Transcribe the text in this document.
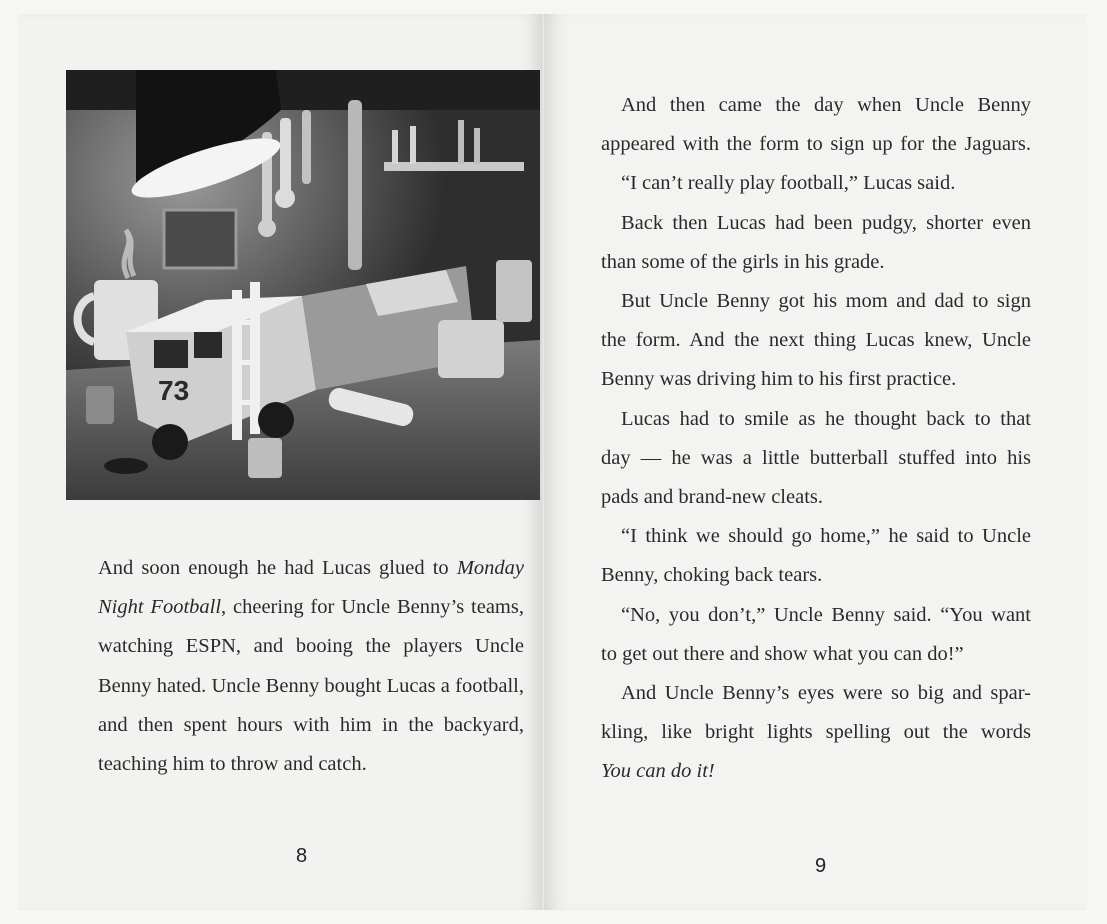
73
And soon enough he had Lucas glued to Monday
Night Football, cheering for Uncle Benny’s teams,
watching ESPN, and booing the players Uncle
Benny hated. Uncle Benny bought Lucas a football,
and then spent hours with him in the backyard,
teaching him to throw and catch.
8
And then came the day when Uncle Benny
appeared with the form to sign up for the Jaguars.
“I can’t really play football,” Lucas said.
Back then Lucas had been pudgy, shorter even
than some of the girls in his grade.
But Uncle Benny got his mom and dad to sign
the form. And the next thing Lucas knew, Uncle
Benny was driving him to his first practice.
Lucas had to smile as he thought back to that
day — he was a little butterball stuffed into his
pads and brand-new cleats.
“I think we should go home,” he said to Uncle
Benny, choking back tears.
“No, you don’t,” Uncle Benny said. “You want
to get out there and show what you can do!”
And Uncle Benny’s eyes were so big and spar-
kling, like bright lights spelling out the words
You can do it!
9
